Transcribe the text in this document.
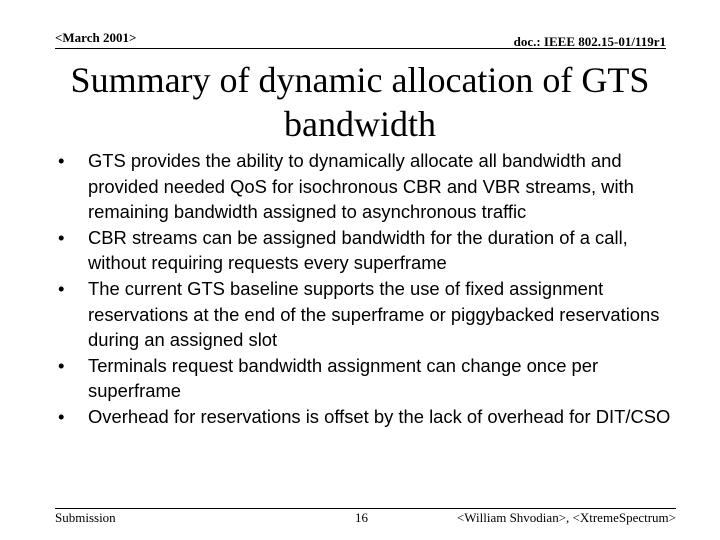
<March 2001>	doc.: IEEE 802.15-01/119r1
Summary of dynamic allocation of GTS bandwidth
•	GTS provides the ability to dynamically allocate all bandwidth and provided needed QoS for isochronous CBR and VBR streams, with remaining bandwidth assigned to asynchronous traffic
•	CBR streams can be assigned bandwidth for the duration of a call, without requiring requests every superframe
•	The current GTS baseline supports the use of fixed assignment reservations at the end of the superframe or piggybacked reservations during an assigned slot
•	Terminals request bandwidth assignment can change once per superframe
•	Overhead for reservations is offset by the lack of overhead for DIT/CSO
Submission	16	<William Shvodian>, <XtremeSpectrum>
